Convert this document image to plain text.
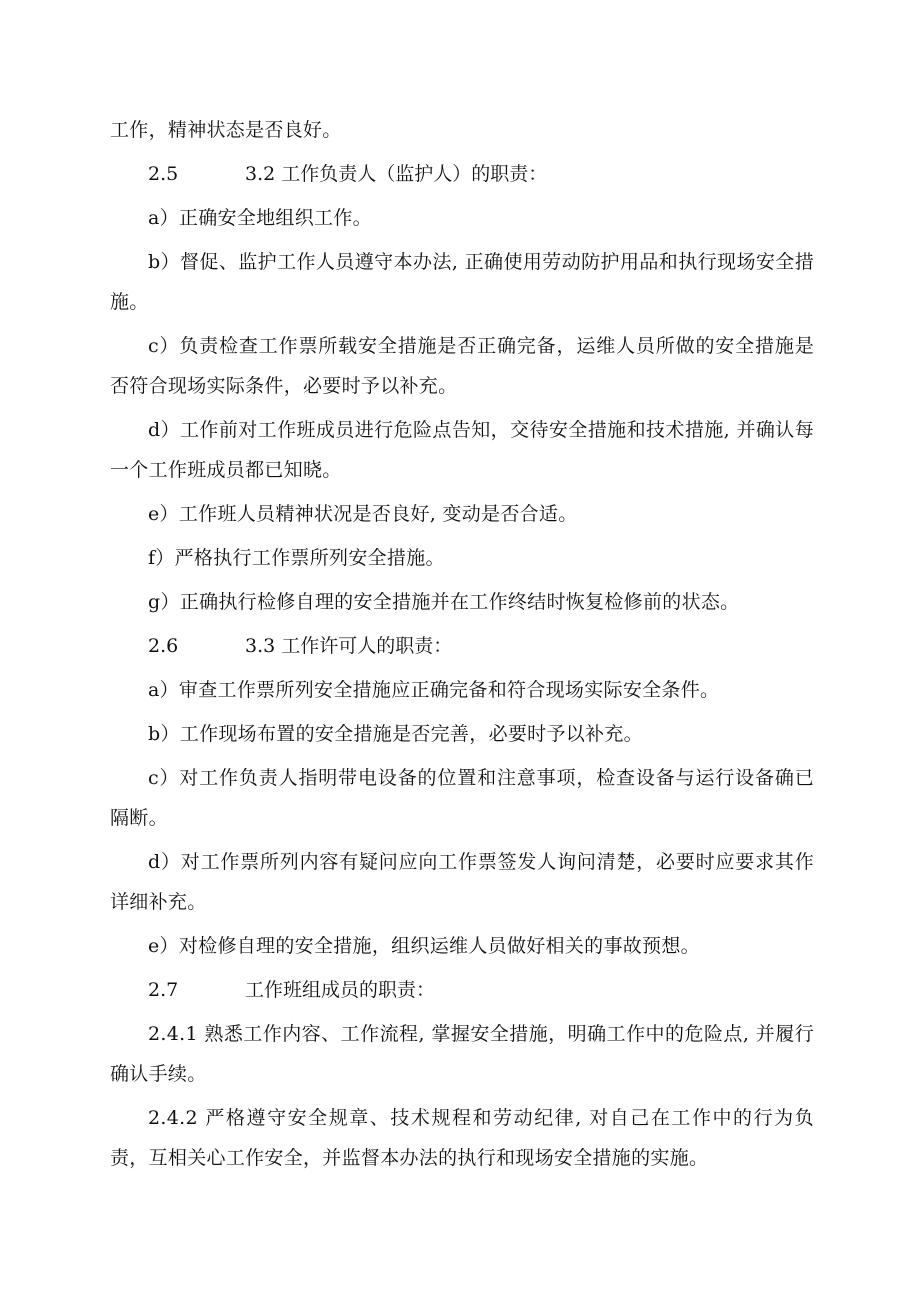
工作，精神状态是否良好。

2.5	3.2 工作负责人（监护人）的职责：

a）正确安全地组织工作。

b）督促、监护工作人员遵守本办法, 正确使用劳动防护用品和执行现场安全措施。

c）负责检查工作票所载安全措施是否正确完备，运维人员所做的安全措施是否符合现场实际条件，必要时予以补充。

d）工作前对工作班成员进行危险点告知，交待安全措施和技术措施, 并确认每一个工作班成员都已知晓。

e）工作班人员精神状况是否良好, 变动是否合适。

f）严格执行工作票所列安全措施。

g）正确执行检修自理的安全措施并在工作终结时恢复检修前的状态。

2.6	3.3 工作许可人的职责：

a）审查工作票所列安全措施应正确完备和符合现场实际安全条件。

b）工作现场布置的安全措施是否完善，必要时予以补充。

c）对工作负责人指明带电设备的位置和注意事项，检查设备与运行设备确已隔断。

d）对工作票所列内容有疑问应向工作票签发人询问清楚，必要时应要求其作详细补充。

e）对检修自理的安全措施，组织运维人员做好相关的事故预想。

2.7	工作班组成员的职责：

2.4.1 熟悉工作内容、工作流程, 掌握安全措施，明确工作中的危险点, 并履行确认手续。

2.4.2 严格遵守安全规章、技术规程和劳动纪律, 对自己在工作中的行为负责，互相关心工作安全，并监督本办法的执行和现场安全措施的实施。
